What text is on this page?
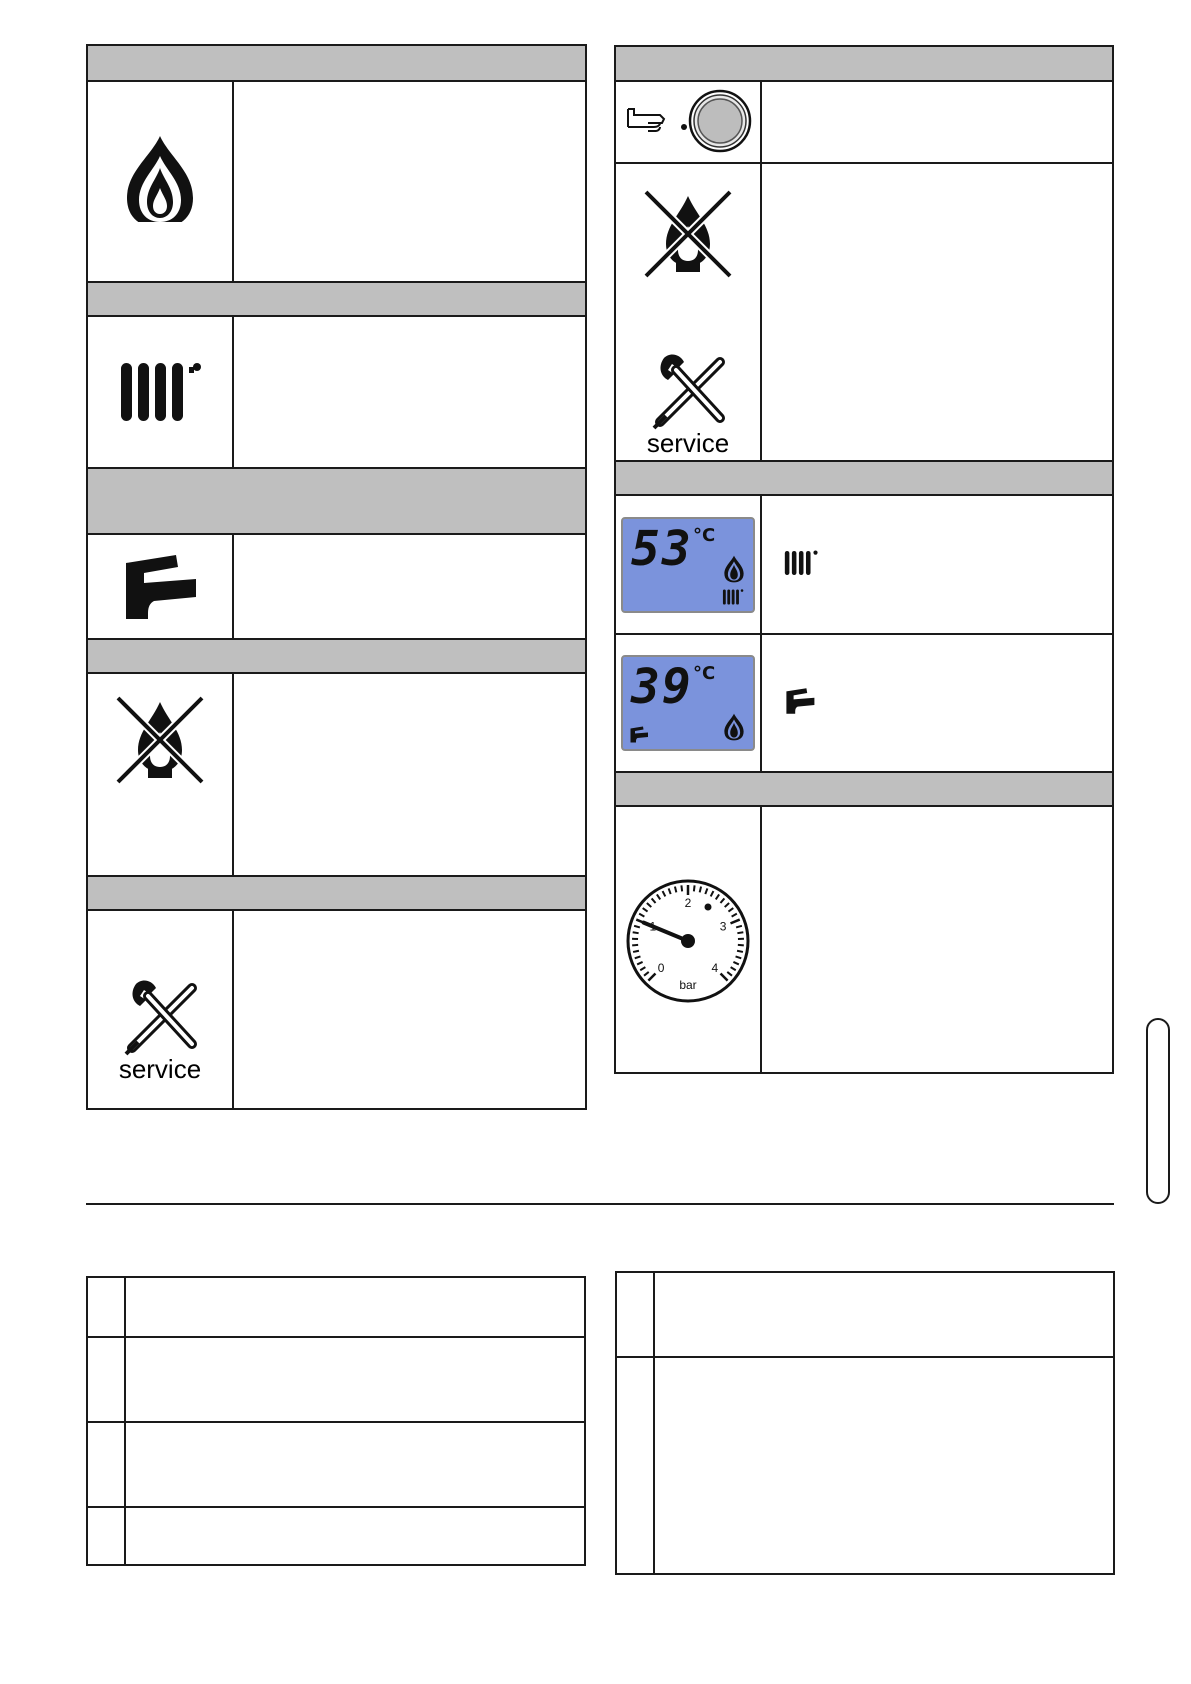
service
service
53 °C
39 °C
0
2
3
4
bar
